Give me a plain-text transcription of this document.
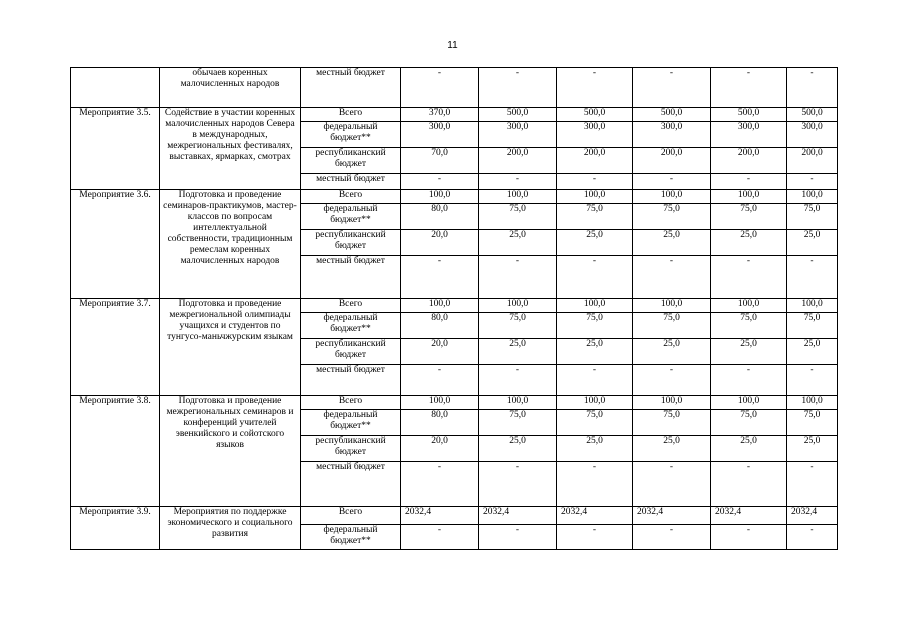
11
	обычаев коренных малочисленных народов	местный бюджет	-	-	-	-	-	-
Мероприятие 3.5.	Содействие в участии коренных малочисленных народов Севера в международных, межрегиональных фестивалях, выставках, ярмарках, смотрах	Всего	370,0	500,0	500,0	500,0	500,0	500,0
		федеральный бюджет**	300,0	300,0	300,0	300,0	300,0	300,0
		республиканский бюджет	70,0	200,0	200,0	200,0	200,0	200,0
		местный бюджет	-	-	-	-	-	-
Мероприятие 3.6.	Подготовка и проведение семинаров-практикумов, мастер-классов по вопросам интеллектуальной собственности, традиционным ремеслам коренных малочисленных народов	Всего	100,0	100,0	100,0	100,0	100,0	100,0
		федеральный бюджет**	80,0	75,0	75,0	75,0	75,0	75,0
		республиканский бюджет	20,0	25,0	25,0	25,0	25,0	25,0
		местный бюджет	-	-	-	-	-	-
Мероприятие 3.7.	Подготовка и проведение межрегиональной олимпиады учащихся и студентов по тунгусо-маньчжурским языкам	Всего	100,0	100,0	100,0	100,0	100,0	100,0
		федеральный бюджет**	80,0	75,0	75,0	75,0	75,0	75,0
		республиканский бюджет	20,0	25,0	25,0	25,0	25,0	25,0
		местный бюджет	-	-	-	-	-	-
Мероприятие 3.8.	Подготовка и проведение межрегиональных семинаров и конференций учителей эвенкийского и сойотского языков	Всего	100,0	100,0	100,0	100,0	100,0	100,0
		федеральный бюджет**	80,0	75,0	75,0	75,0	75,0	75,0
		республиканский бюджет	20,0	25,0	25,0	25,0	25,0	25,0
		местный бюджет	-	-	-	-	-	-
Мероприятие 3.9.	Мероприятия по поддержке экономического и социального развития	Всего	2032,4	2032,4	2032,4	2032,4	2032,4	2032,4
		федеральный бюджет**	-	-	-	-	-	-
